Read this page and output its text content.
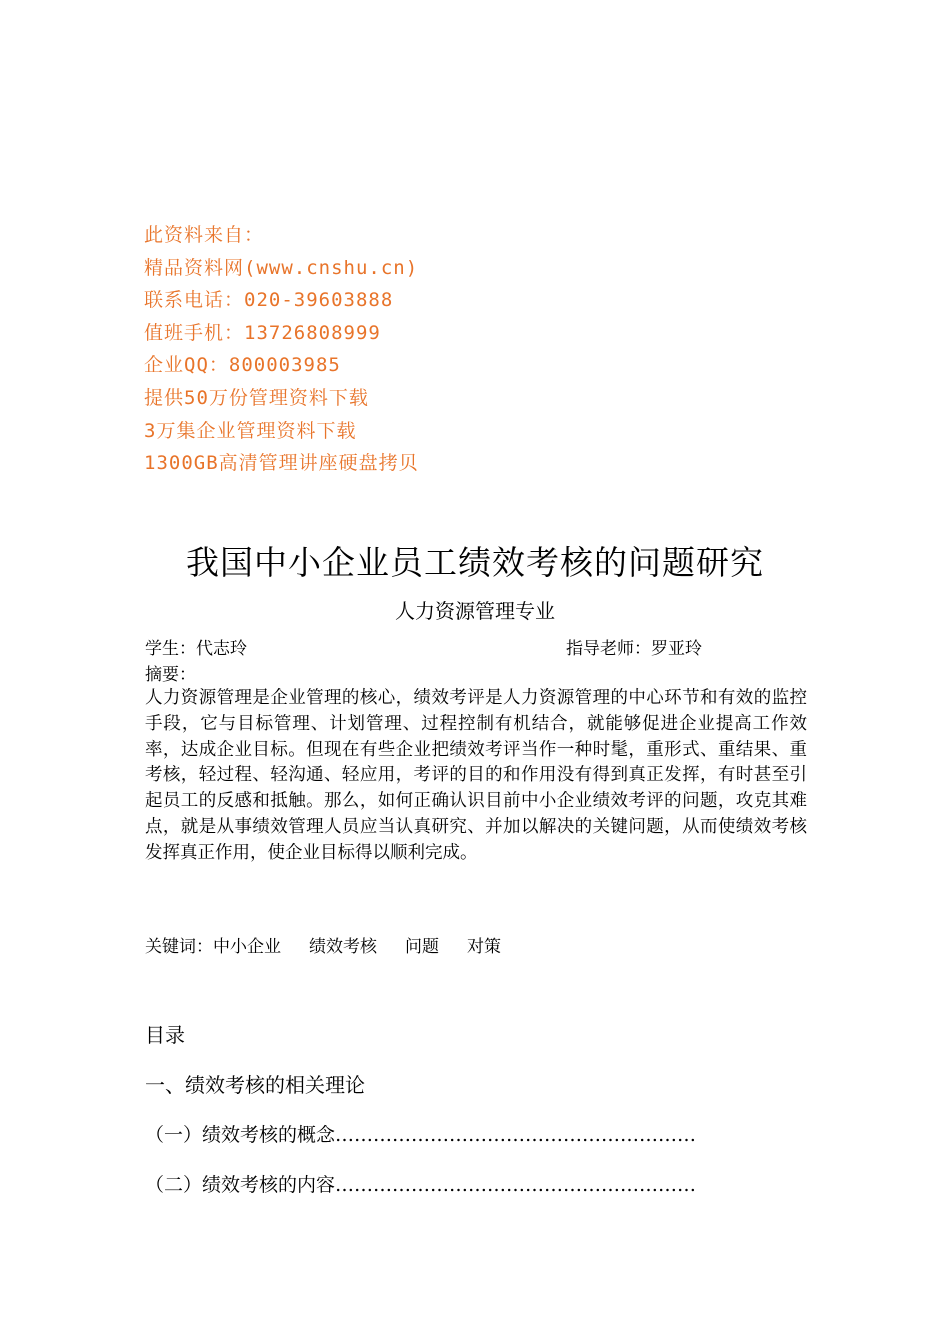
此资料来自：
精品资料网(www.cnshu.cn)
联系电话：020-39603888
值班手机：13726808999
企业QQ：800003985
提供50万份管理资料下载
3万集企业管理资料下载
1300GB高清管理讲座硬盘拷贝
我国中小企业员工绩效考核的问题研究
人力资源管理专业
学生：代志玲	指导老师：罗亚玲
摘要：
人力资源管理是企业管理的核心，绩效考评是人力资源管理的中心环节和有效的监控手段，它与目标管理、计划管理、过程控制有机结合，就能够促进企业提高工作效率，达成企业目标。但现在有些企业把绩效考评当作一种时髦，重形式、重结果、重考核，轻过程、轻沟通、轻应用，考评的目的和作用没有得到真正发挥，有时甚至引起员工的反感和抵触。那么，如何正确认识目前中小企业绩效考评的问题，攻克其难点，就是从事绩效管理人员应当认真研究、并加以解决的关键问题，从而使绩效考核发挥真正作用，使企业目标得以顺利完成。
关键词：中小企业 绩效考核 问题 对策
目录
一、绩效考核的相关理论
（一）绩效考核的概念…………………………………………………
（二）绩效考核的内容…………………………………………………
